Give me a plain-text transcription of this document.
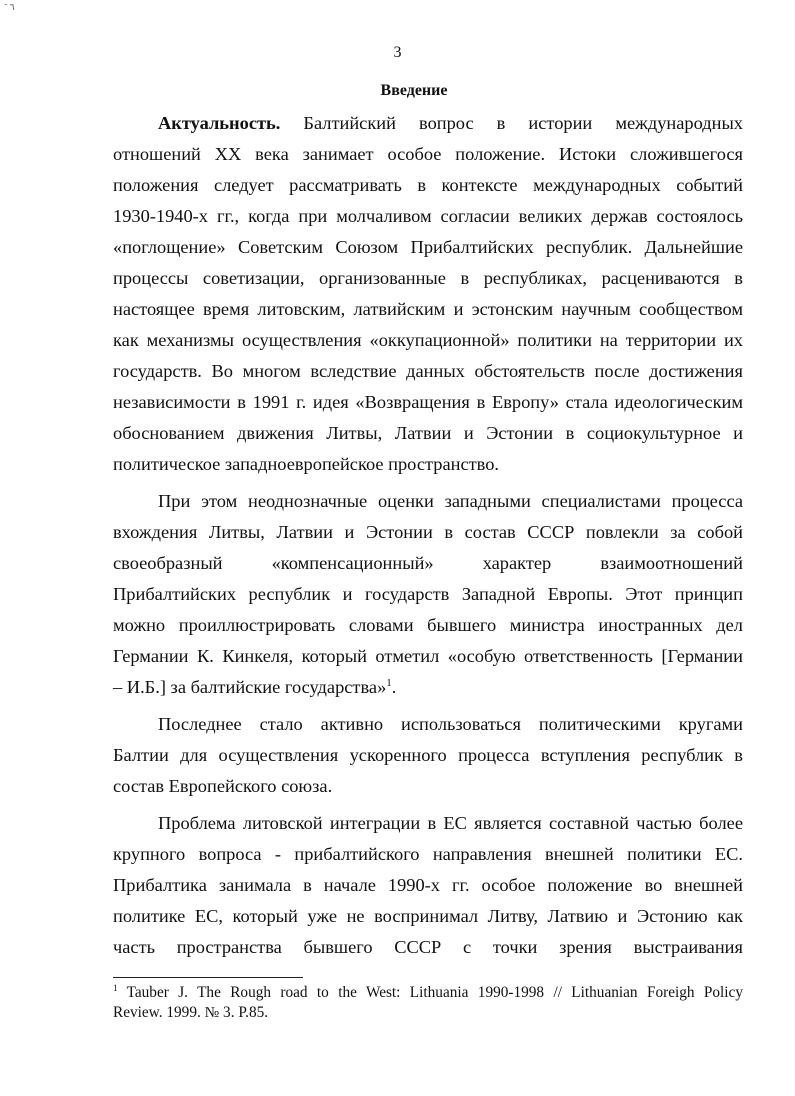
٦ ־
3
Введение
Актуальность. Балтийский вопрос в истории международных
отношений XX века занимает особое положение. Истоки сложившегося
положения следует рассматривать в контексте международных событий
1930-1940-х гг., когда при молчаливом согласии великих держав состоялось
«поглощение» Советским Союзом Прибалтийских республик. Дальнейшие
процессы советизации, организованные в республиках, расцениваются в
настоящее время литовским, латвийским и эстонским научным сообществом
как механизмы осуществления «оккупационной» политики на территории их
государств. Во многом вследствие данных обстоятельств после достижения
независимости в 1991 г. идея «Возвращения в Европу» стала идеологическим
обоснованием движения Литвы, Латвии и Эстонии в социокультурное и
политическое западноевропейское пространство.
При этом неоднозначные оценки западными специалистами процесса
вхождения Литвы, Латвии и Эстонии в состав СССР повлекли за собой
своеобразный «компенсационный» характер взаимоотношений
Прибалтийских республик и государств Западной Европы. Этот принцип
можно проиллюстрировать словами бывшего министра иностранных дел
Германии К. Кинкеля, который отметил «особую ответственность [Германии
– И.Б.] за балтийские государства»$^1$.
Последнее стало активно использоваться политическими кругами
Балтии для осуществления ускоренного процесса вступления республик в
состав Европейского союза.
Проблема литовской интеграции в ЕС является составной частью более
крупного вопроса - прибалтийского направления внешней политики ЕС.
Прибалтика занимала в начале 1990-х гг. особое положение во внешней
политике ЕС, который уже не воспринимал Литву, Латвию и Эстонию как
часть пространства бывшего СССР с точки зрения выстраивания
$^1$ Tauber J. The Rough road to the West: Lithuania 1990-1998 // Lithuanian Foreigh Policy
Review. 1999. № 3. P.85.
